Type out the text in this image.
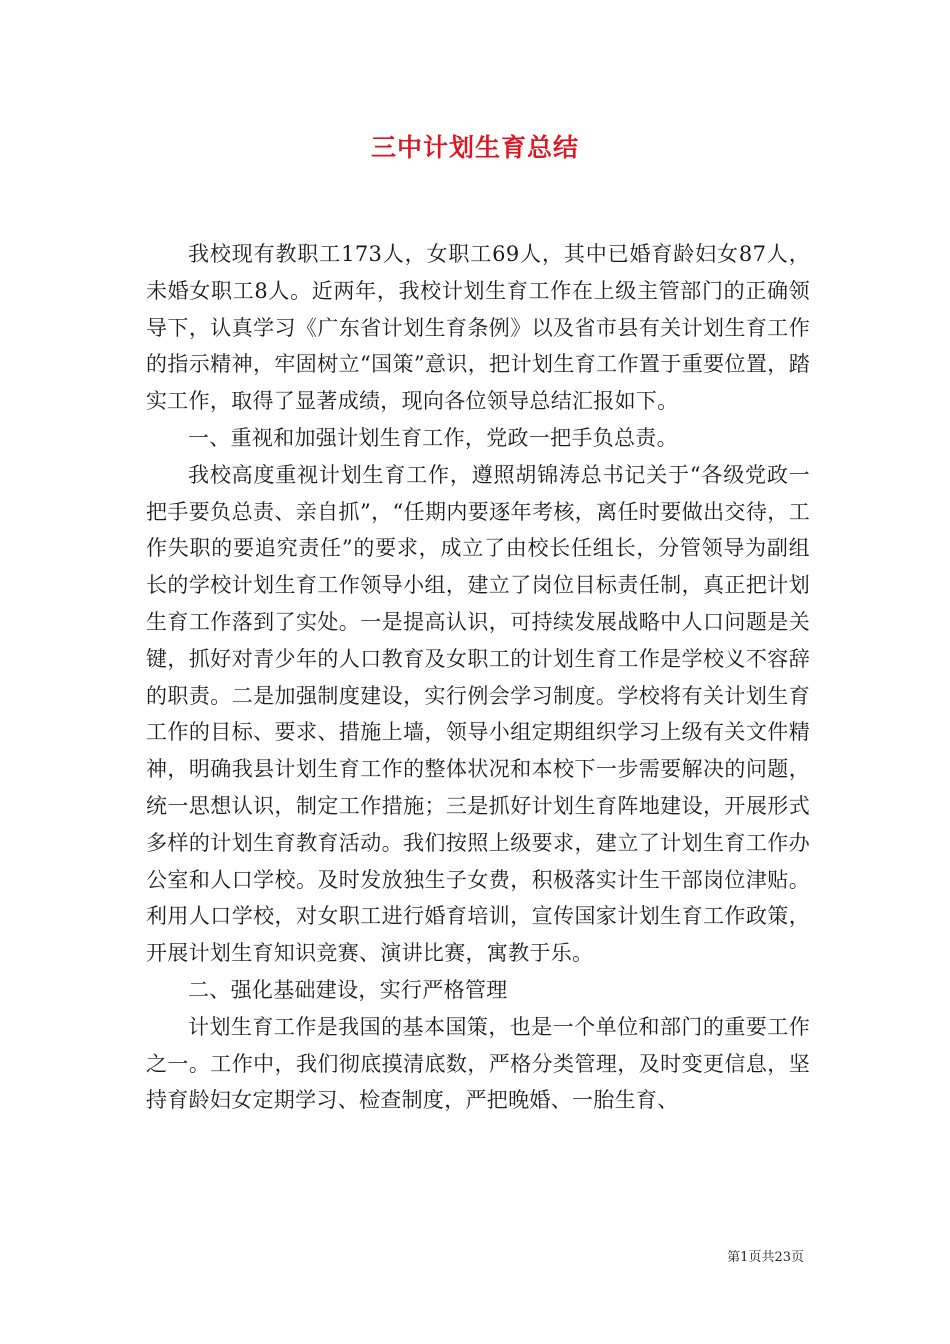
三中计划生育总结

我校现有教职工173人，女职工69人，其中已婚育龄妇女87人，未婚女职工8人。近两年，我校计划生育工作在上级主管部门的正确领导下，认真学习《广东省计划生育条例》以及省市县有关计划生育工作的指示精神，牢固树立“国策”意识，把计划生育工作置于重要位置，踏实工作，取得了显著成绩，现向各位领导总结汇报如下。

一、重视和加强计划生育工作，党政一把手负总责。

我校高度重视计划生育工作，遵照胡锦涛总书记关于“各级党政一把手要负总责、亲自抓”，“任期内要逐年考核，离任时要做出交待，工作失职的要追究责任”的要求，成立了由校长任组长，分管领导为副组长的学校计划生育工作领导小组，建立了岗位目标责任制，真正把计划生育工作落到了实处。一是提高认识，可持续发展战略中人口问题是关键，抓好对青少年的人口教育及女职工的计划生育工作是学校义不容辞的职责。二是加强制度建设，实行例会学习制度。学校将有关计划生育工作的目标、要求、措施上墙，领导小组定期组织学习上级有关文件精神，明确我县计划生育工作的整体状况和本校下一步需要解决的问题，统一思想认识，制定工作措施；三是抓好计划生育阵地建设，开展形式多样的计划生育教育活动。我们按照上级要求，建立了计划生育工作办公室和人口学校。及时发放独生子女费，积极落实计生干部岗位津贴。利用人口学校，对女职工进行婚育培训，宣传国家计划生育工作政策，开展计划生育知识竞赛、演讲比赛，寓教于乐。

二、强化基础建设，实行严格管理

计划生育工作是我国的基本国策，也是一个单位和部门的重要工作之一。工作中，我们彻底摸清底数，严格分类管理，及时变更信息，坚持育龄妇女定期学习、检查制度，严把晚婚、一胎生育、

第1页共23页
